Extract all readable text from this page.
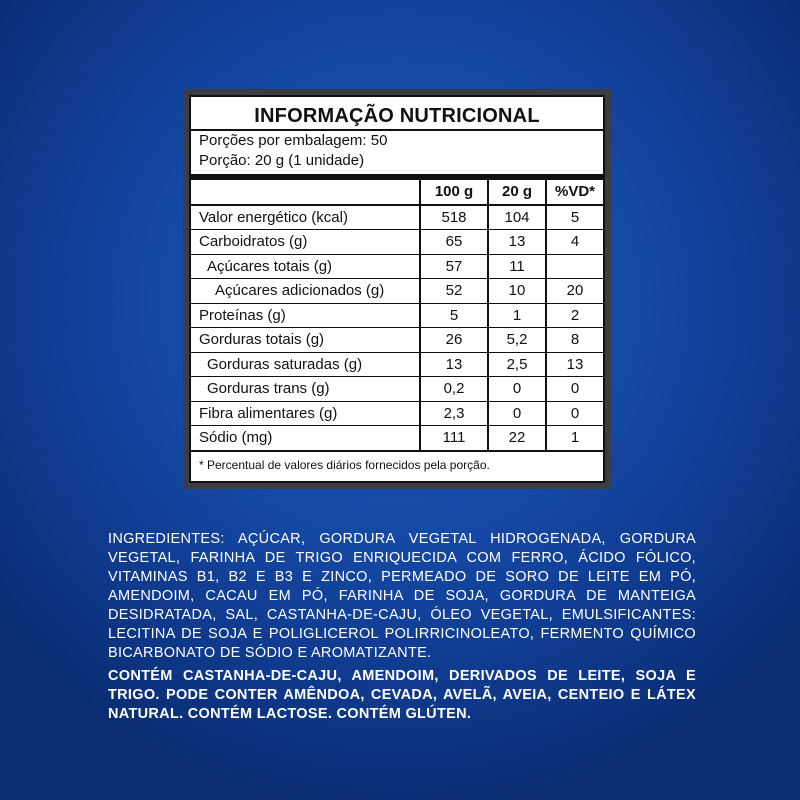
INFORMAÇÃO NUTRICIONAL
Porções por embalagem: 50
Porção: 20 g (1 unidade)
	100 g	20 g	%VD*
Valor energético (kcal)	518	104	5
Carboidratos (g)	65	13	4
Açúcares totais (g)	57	11	
Açúcares adicionados (g)	52	10	20
Proteínas (g)	5	1	2
Gorduras totais (g)	26	5,2	8
Gorduras saturadas (g)	13	2,5	13
Gorduras trans (g)	0,2	0	0
Fibra alimentares (g)	2,3	0	0
Sódio (mg)	111	22	1
* Percentual de valores diários fornecidos pela porção.
INGREDIENTES: AÇÚCAR, GORDURA VEGETAL HIDROGENADA, GORDURA VEGETAL, FARINHA DE TRIGO ENRIQUECIDA COM FERRO, ÁCIDO FÓLICO, VITAMINAS B1, B2 E B3 E ZINCO, PERMEADO DE SORO DE LEITE EM PÓ, AMENDOIM, CACAU EM PÓ, FARINHA DE SOJA, GORDURA DE MANTEIGA DESIDRATADA, SAL, CASTANHA-DE-CAJU, ÓLEO VEGETAL, EMULSIFICANTES: LECITINA DE SOJA E POLIGLICEROL POLIRRICINOLEATO, FERMENTO QUÍMICO BICARBONATO DE SÓDIO E AROMATIZANTE.
CONTÉM CASTANHA-DE-CAJU, AMENDOIM, DERIVADOS DE LEITE, SOJA E TRIGO. PODE CONTER AMÊNDOA, CEVADA, AVELÃ, AVEIA, CENTEIO E LÁTEX NATURAL. CONTÉM LACTOSE. CONTÉM GLÚTEN.
